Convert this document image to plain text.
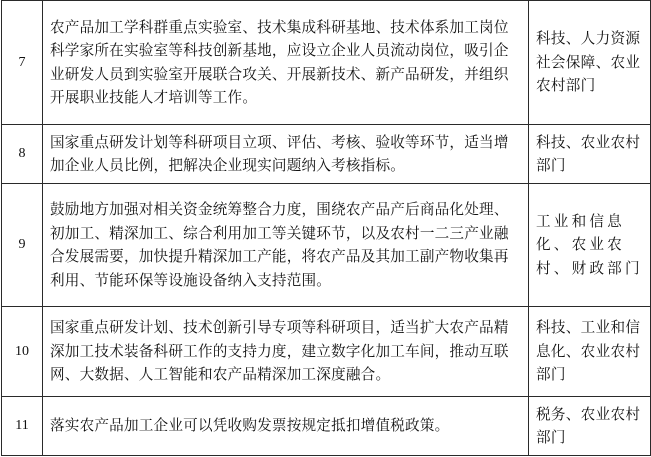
7	农产品加工学科群重点实验室、技术集成科研基地、技术体系加工岗位科学家所在实验室等科技创新基地，应设立企业人员流动岗位，吸引企业研发人员到实验室开展联合攻关、开展新技术、新产品研发，并组织开展职业技能人才培训等工作。	科技、人力资源社会保障、农业农村部门
8	国家重点研发计划等科研项目立项、评估、考核、验收等环节，适当增加企业人员比例，把解决企业现实问题纳入考核指标。	科技、农业农村部门
9	鼓励地方加强对相关资金统筹整合力度，围绕农产品产后商品化处理、初加工、精深加工、综合利用加工等关键环节，以及农村一二三产业融合发展需要，加快提升精深加工产能，将农产品及其加工副产物收集再利用、节能环保等设施设备纳入支持范围。	工业和信息化、农业农村、财政部门
10	国家重点研发计划、技术创新引导专项等科研项目，适当扩大农产品精深加工技术装备科研工作的支持力度，建立数字化加工车间，推动互联网、大数据、人工智能和农产品精深加工深度融合。	科技、工业和信息化、农业农村部门
11	落实农产品加工企业可以凭收购发票按规定抵扣增值税政策。	税务、农业农村部门
